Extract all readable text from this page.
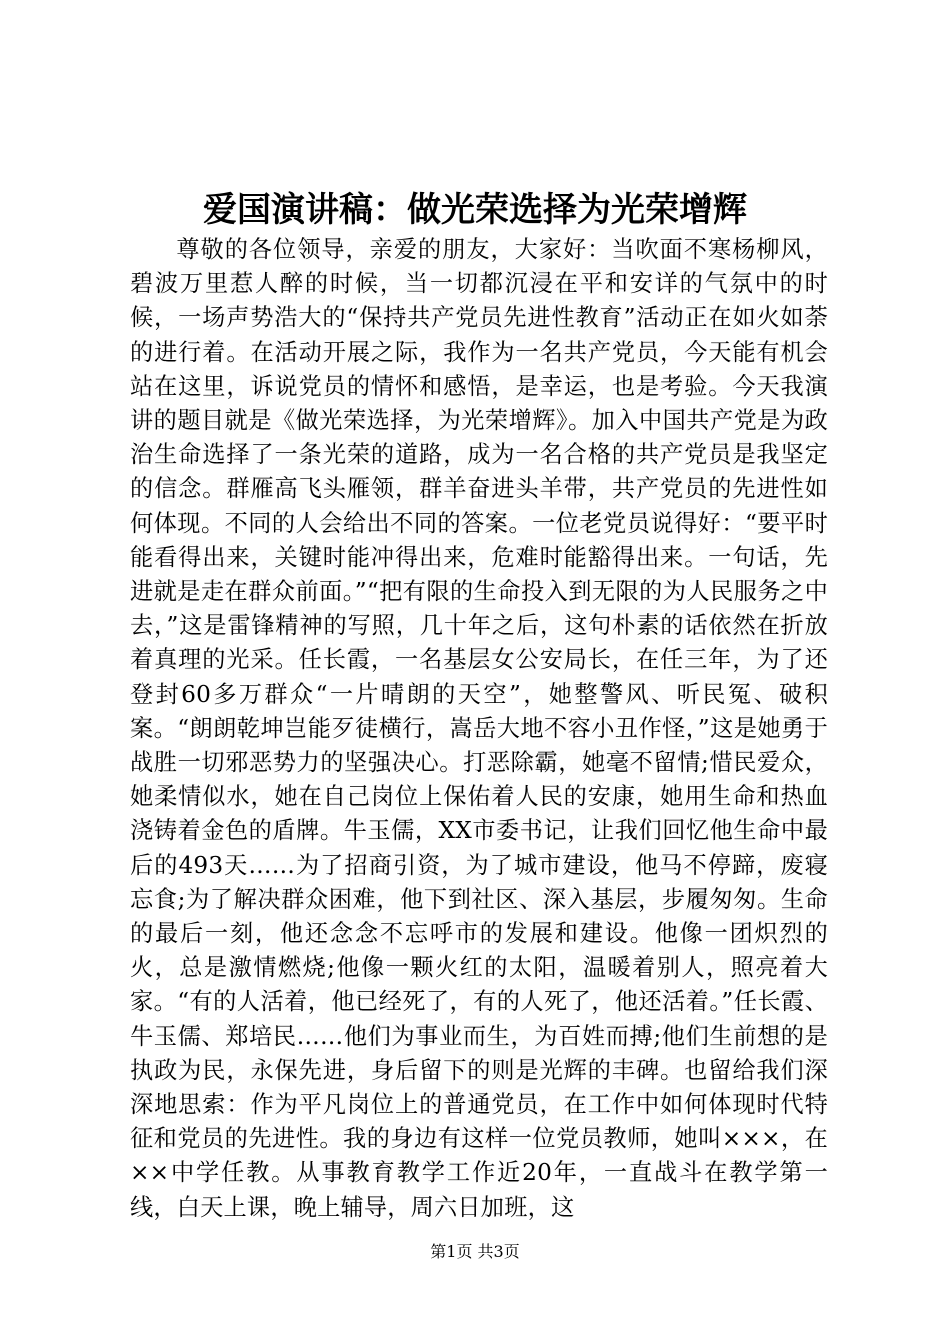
爱国演讲稿：做光荣选择为光荣增辉

尊敬的各位领导，亲爱的朋友，大家好：当吹面不寒杨柳风，碧波万里惹人醉的时候，当一切都沉浸在平和安详的气氛中的时候，一场声势浩大的“保持共产党员先进性教育”活动正在如火如荼的进行着。在活动开展之际，我作为一名共产党员，今天能有机会站在这里，诉说党员的情怀和感悟，是幸运，也是考验。今天我演讲的题目就是《做光荣选择，为光荣增辉》。加入中国共产党是为政治生命选择了一条光荣的道路，成为一名合格的共产党员是我坚定的信念。群雁高飞头雁领，群羊奋进头羊带，共产党员的先进性如何体现。不同的人会给出不同的答案。一位老党员说得好：“要平时能看得出来，关键时能冲得出来，危难时能豁得出来。一句话，先进就是走在群众前面。”“把有限的生命投入到无限的为人民服务之中去，”这是雷锋精神的写照，几十年之后，这句朴素的话依然在折放着真理的光采。任长霞，一名基层女公安局长，在任三年，为了还登封60多万群众“一片晴朗的天空”，她整警风、听民冤、破积案。“朗朗乾坤岂能歹徒横行，嵩岳大地不容小丑作怪，”这是她勇于战胜一切邪恶势力的坚强决心。打恶除霸，她毫不留情;惜民爱众，她柔情似水，她在自己岗位上保佑着人民的安康，她用生命和热血浇铸着金色的盾牌。牛玉儒，XX市委书记，让我们回忆他生命中最后的493天……为了招商引资，为了城市建设，他马不停蹄，废寝忘食;为了解决群众困难，他下到社区、深入基层，步履匆匆。生命的最后一刻，他还念念不忘呼市的发展和建设。他像一团炽烈的火，总是激情燃烧;他像一颗火红的太阳，温暖着别人，照亮着大家。“有的人活着，他已经死了，有的人死了，他还活着。”任长霞、牛玉儒、郑培民……他们为事业而生，为百姓而搏;他们生前想的是执政为民，永保先进，身后留下的则是光辉的丰碑。也留给我们深深地思索：作为平凡岗位上的普通党员，在工作中如何体现时代特征和党员的先进性。我的身边有这样一位党员教师，她叫×××，在××中学任教。从事教育教学工作近20年，一直战斗在教学第一线，白天上课，晚上辅导，周六日加班，这

第1页 共3页
